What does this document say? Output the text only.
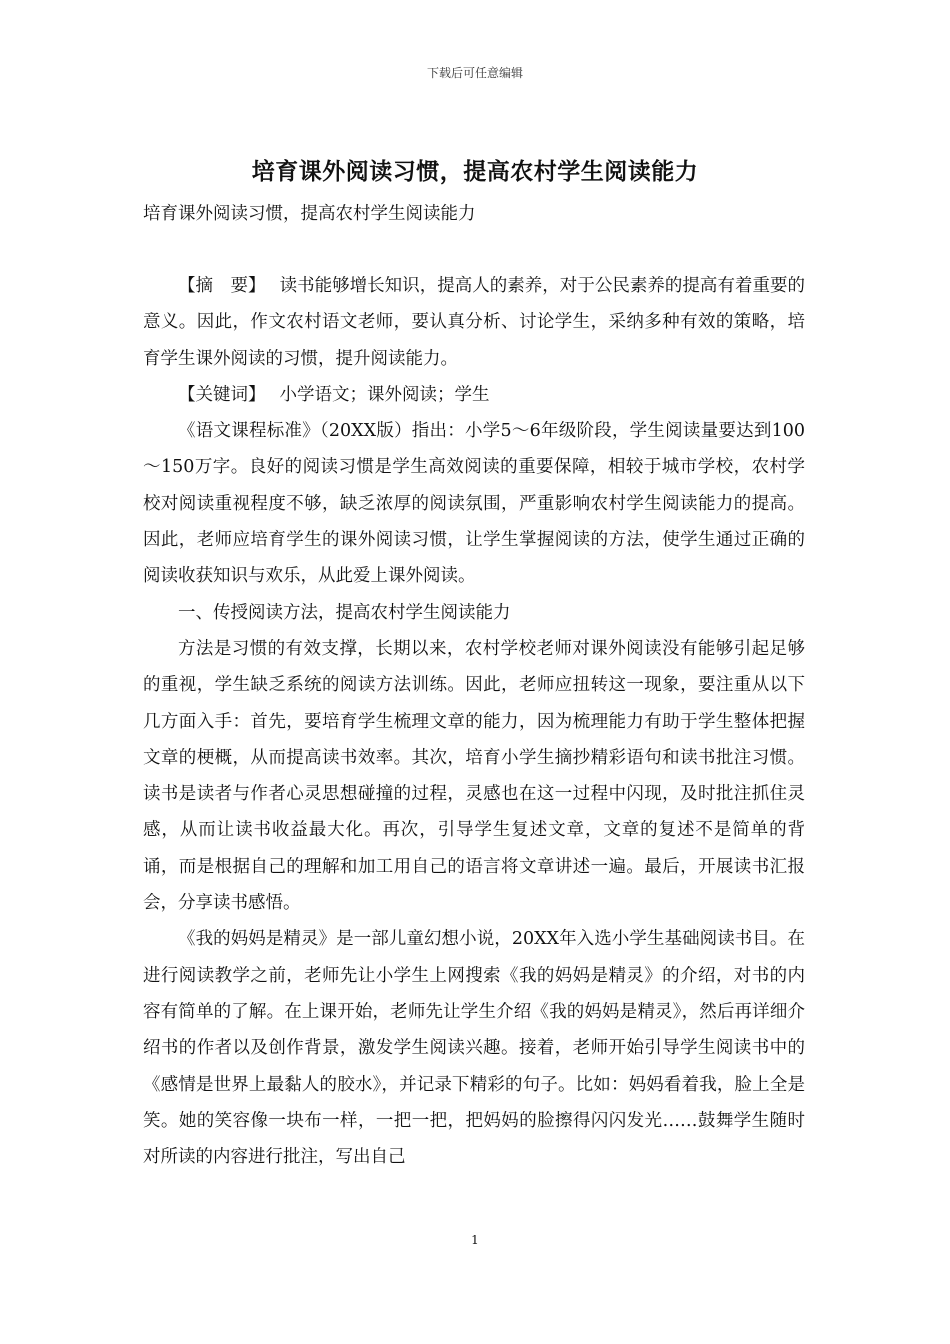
下载后可任意编辑
培育课外阅读习惯，提高农村学生阅读能力
培育课外阅读习惯，提高农村学生阅读能力

【摘　要】 读书能够增长知识，提高人的素养，对于公民素养的提高有着重要的意义。因此，作文农村语文老师，要认真分析、讨论学生，采纳多种有效的策略，培育学生课外阅读的习惯，提升阅读能力。

【关键词】 小学语文；课外阅读；学生

《语文课程标准》（20XX版）指出：小学5～6年级阶段，学生阅读量要达到100～150万字。良好的阅读习惯是学生高效阅读的重要保障，相较于城市学校，农村学校对阅读重视程度不够，缺乏浓厚的阅读氛围，严重影响农村学生阅读能力的提高。因此，老师应培育学生的课外阅读习惯，让学生掌握阅读的方法，使学生通过正确的阅读收获知识与欢乐，从此爱上课外阅读。

一、传授阅读方法，提高农村学生阅读能力

方法是习惯的有效支撑，长期以来，农村学校老师对课外阅读没有能够引起足够的重视，学生缺乏系统的阅读方法训练。因此，老师应扭转这一现象，要注重从以下几方面入手：首先，要培育学生梳理文章的能力，因为梳理能力有助于学生整体把握文章的梗概，从而提高读书效率。其次，培育小学生摘抄精彩语句和读书批注习惯。读书是读者与作者心灵思想碰撞的过程，灵感也在这一过程中闪现，及时批注抓住灵感，从而让读书收益最大化。再次，引导学生复述文章，文章的复述不是简单的背诵，而是根据自己的理解和加工用自己的语言将文章讲述一遍。最后，开展读书汇报会，分享读书感悟。

《我的妈妈是精灵》是一部儿童幻想小说，20XX年入选小学生基础阅读书目。在进行阅读教学之前，老师先让小学生上网搜索《我的妈妈是精灵》的介绍，对书的内容有简单的了解。在上课开始，老师先让学生介绍《我的妈妈是精灵》，然后再详细介绍书的作者以及创作背景，激发学生阅读兴趣。接着，老师开始引导学生阅读书中的《感情是世界上最黏人的胶水》，并记录下精彩的句子。比如：妈妈看着我，脸上全是笑。她的笑容像一块布一样，一把一把，把妈妈的脸擦得闪闪发光……鼓舞学生随时对所读的内容进行批注，写出自己

1
